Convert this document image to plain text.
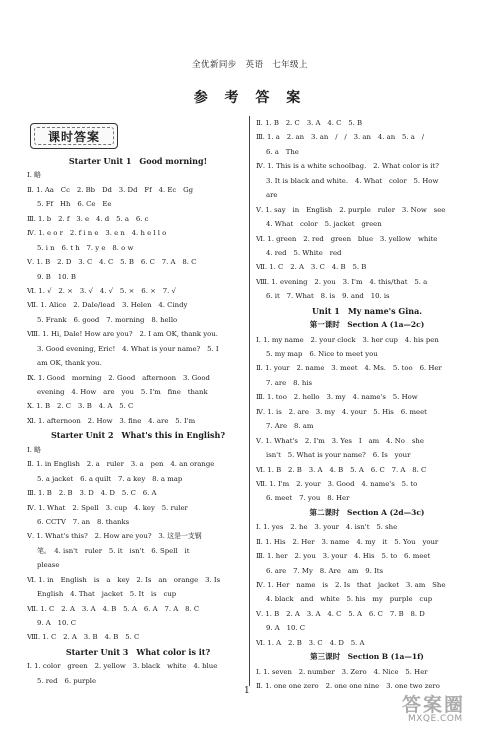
全优新同步　英语　七年级上
参 考 答 案
课时答案
Starter Unit 1　Good morning!
Ⅰ. 略
Ⅱ. 1. Aa　Cc　2. Bb　Dd　3. Dd　Ff　4. Ec　Gg
5. Ff　Hh　6. Ce　Ee
Ⅲ. 1. b　2. f　3. e　4. d　5. a　6. c
Ⅳ. 1. e o r　2. f i n e　3. e n　4. h e l l o
5. i n　6. t h　7. y e　8. o w
Ⅴ. 1. B　2. D　3. C　4. C　5. B　6. C　7. A　8. C
9. B　10. B
Ⅵ. 1. √　2. ×　3. √　4. √　5. ×　6. ×　7. √
Ⅶ. 1. Alice　2. Dale/lead　3. Helen　4. Cindy
5. Frank　6. good　7. morning　8. hello
Ⅷ. 1. Hi, Dale! How are you?　2. I am OK, thank you.
3. Good evening, Eric!　4. What is your name?　5. I
am OK, thank you.
Ⅸ. 1. Good　morning　2. Good　afternoon　3. Good
evening　4. How　are　you　5. I'm　fine　thank
Ⅹ. 1. B　2. C　3. B　4. A　5. C
Ⅺ. 1. afternoon　2. How　3. fine　4. are　5. I'm
Starter Unit 2　What's this in English?
Ⅰ. 略
Ⅱ. 1. in English　2. a　ruler　3. a　pen　4. an orange
5. a jacket　6. a quilt　7. a key　8. a map
Ⅲ. 1. B　2. B　3. D　4. D　5. C　6. A
Ⅳ. 1. What　2. Spell　3. cup　4. key　5. ruler
6. CCTV　7. an　8. thanks
Ⅴ. 1. What's this?　2. How are you?　3. 这是一支钢
笔。　4. isn't　ruler　5. it　isn't　6. Spell　it
please
Ⅵ. 1. in　English　is　a　key　2. Is　an　orange　3. Is
English　4. That　jacket　5. It　is　cup
Ⅶ. 1. C　2. A　3. A　4. B　5. A　6. A　7. A　8. C
9. A　10. C
Ⅷ. 1. C　2. A　3. B　4. B　5. C
Starter Unit 3　What color is it?
Ⅰ. 1. color　green　2. yellow　3. black　white　4. blue
5. red　6. purple
Ⅱ. 1. B　2. C　3. A　4. C　5. B
Ⅲ. 1. a　2. an　3. an　/　/　3. an　4. an　5. a　/
6. a　The
Ⅳ. 1. This is a white schoolbag.　2. What color is it?
3. It is black and white.　4. What　color　5. How
are
Ⅴ. 1. say　in　English　2. purple　ruler　3. Now　see
4. What　color　5. jacket　green
Ⅵ. 1. green　2. red　green　blue　3. yellow　white
4. red　5. White　red
Ⅶ. 1. C　2. A　3. C　4. B　5. B
Ⅷ. 1. evening　2. you　3. I'm　4. this/that　5. a
6. it　7. What　8. is　9. and　10. is
Unit 1　My name's Gina.
第一课时　Section A (1a—2c)
Ⅰ. 1. my name　2. your clock　3. her cup　4. his pen
5. my map　6. Nice to meet you
Ⅱ. 1. your　2. name　3. meet　4. Ms.　5. too　6. Her
7. are　8. his
Ⅲ. 1. too　2. hello　3. my　4. name's　5. How
Ⅳ. 1. is　2. are　3. my　4. your　5. His　6. meet
7. Are　8. am
Ⅴ. 1. What's　2. I'm　3. Yes　I　am　4. No　she
isn't　5. What is your name?　6. Is　your
Ⅵ. 1. B　2. B　3. A　4. B　5. A　6. C　7. A　8. C
Ⅶ. 1. I'm　2. your　3. Good　4. name's　5. to
6. meet　7. you　8. Her
第二课时　Section A (2d—3c)
Ⅰ. 1. yes　2. he　3. your　4. isn't　5. she
Ⅱ. 1. His　2. Her　3. name　4. my　it　5. You　your
Ⅲ. 1. her　2. you　3. your　4. His　5. to　6. meet
6. are　7. My　8. Are　am　9. Its
Ⅳ. 1. Her　name　is　2. Is　that　jacket　3. am　She
4. black　and　white　5. his　my　purple　cup
Ⅴ. 1. B　2. A　3. A　4. C　5. A　6. C　7. B　8. D
9. A　10. C
Ⅵ. 1. A　2. B　3. C　4. D　5. A
第三课时　Section B (1a—1f)
Ⅰ. 1. seven　2. number　3. Zero　4. Nice　5. Her
Ⅱ. 1. one one zero　2. one one nine　3. one two zero
1
答案圈
MXQE.COM
